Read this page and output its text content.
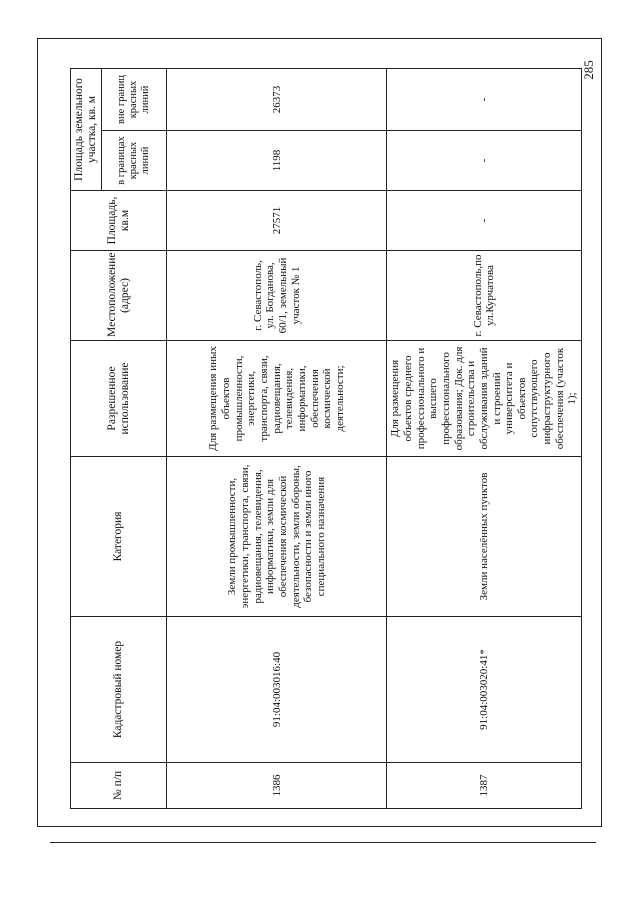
285
№ п/п	Кадастровый номер	Категория	Разрешенное использование	Местоположение (адрес)	Площадь, кв.м	Площадь земельного участка, кв. м	
						в границах красных линий	вне границ красных линий
1386	91:04:003016:40	Земли промышленности, энергетики, транспорта, связи, радиовещания, телевидения, информатики, земли для обеспечения космической деятельности, земли обороны, безопасности и земли иного специального назначения	Для размещения иных объектов промышленности, энергетики, транспорта, связи, радиовещания, телевидения, информатики, обеспечения космической деятельности;	г. Севастополь, ул. Богданова, 60/1, земельный участок № 1	27571	1198	26373
1387	91:04:003020:41*	Земли населённых пунктов	Для размещения объектов среднего профессионального и высшего профессионального образования; Док. для строительства и обслуживания зданий и строений университета и объектов сопутствующего инфраструктурного обеспечения (участок 1);	г. Севастополь,по ул.Курчатова	-	-	-
